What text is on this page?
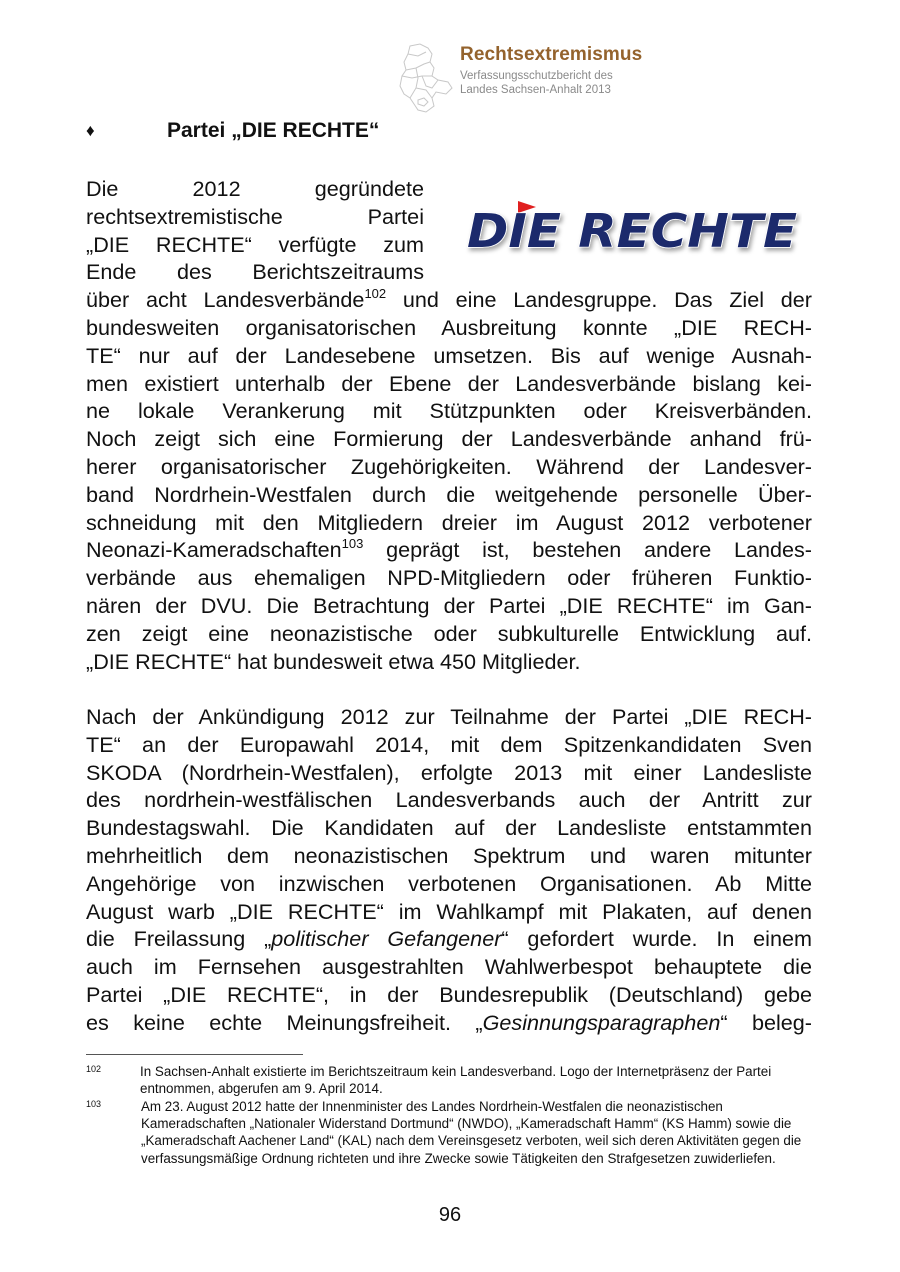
Rechtsextremismus
Verfassungsschutzbericht des
Landes Sachsen-Anhalt 2013
♦	Partei „DIE RECHTE“
DIE RECHTE
Die 2012 gegründete
rechtsextremistische Partei
„DIE RECHTE“ verfügte zum
Ende des Berichtszeitraums
über acht Landesverbände$^{102}$ und eine Landesgruppe. Das Ziel der
bundesweiten organisatorischen Ausbreitung konnte „DIE RECH-
TE“ nur auf der Landesebene umsetzen. Bis auf wenige Ausnah-
men existiert unterhalb der Ebene der Landesverbände bislang kei-
ne lokale Verankerung mit Stützpunkten oder Kreisverbänden.
Noch zeigt sich eine Formierung der Landesverbände anhand frü-
herer organisatorischer Zugehörigkeiten. Während der Landesver-
band Nordrhein-Westfalen durch die weitgehende personelle Über-
schneidung mit den Mitgliedern dreier im August 2012 verbotener
Neonazi-Kameradschaften$^{103}$ geprägt ist, bestehen andere Landes-
verbände aus ehemaligen NPD-Mitgliedern oder früheren Funktio-
nären der DVU. Die Betrachtung der Partei „DIE RECHTE“ im Gan-
zen zeigt eine neonazistische oder subkulturelle Entwicklung auf.
„DIE RECHTE“ hat bundesweit etwa 450 Mitglieder.
Nach der Ankündigung 2012 zur Teilnahme der Partei „DIE RECH-
TE“ an der Europawahl 2014, mit dem Spitzenkandidaten Sven
SKODA (Nordrhein-Westfalen), erfolgte 2013 mit einer Landesliste
des nordrhein-westfälischen Landesverbands auch der Antritt zur
Bundestagswahl. Die Kandidaten auf der Landesliste entstammten
mehrheitlich dem neonazistischen Spektrum und waren mitunter
Angehörige von inzwischen verbotenen Organisationen. Ab Mitte
August warb „DIE RECHTE“ im Wahlkampf mit Plakaten, auf denen
die Freilassung „politischer Gefangener“ gefordert wurde. In einem
auch im Fernsehen ausgestrahlten Wahlwerbespot behauptete die
Partei „DIE RECHTE“, in der Bundesrepublik (Deutschland) gebe
es keine echte Meinungsfreiheit. „Gesinnungsparagraphen“ beleg-
102	In Sachsen-Anhalt existierte im Berichtszeitraum kein Landesverband. Logo der Internetpräsenz der Partei entnommen, abgerufen am 9. April 2014.
103	Am 23. August 2012 hatte der Innenminister des Landes Nordrhein-Westfalen die neonazistischen Kameradschaften „Nationaler Widerstand Dortmund“ (NWDO), „Kameradschaft Hamm“ (KS Hamm) sowie die „Kameradschaft Aachener Land“ (KAL) nach dem Vereinsgesetz verboten, weil sich deren Aktivitäten gegen die verfassungsmäßige Ordnung richteten und ihre Zwecke sowie Tätigkeiten den Strafgesetzen zuwiderliefen.
96
